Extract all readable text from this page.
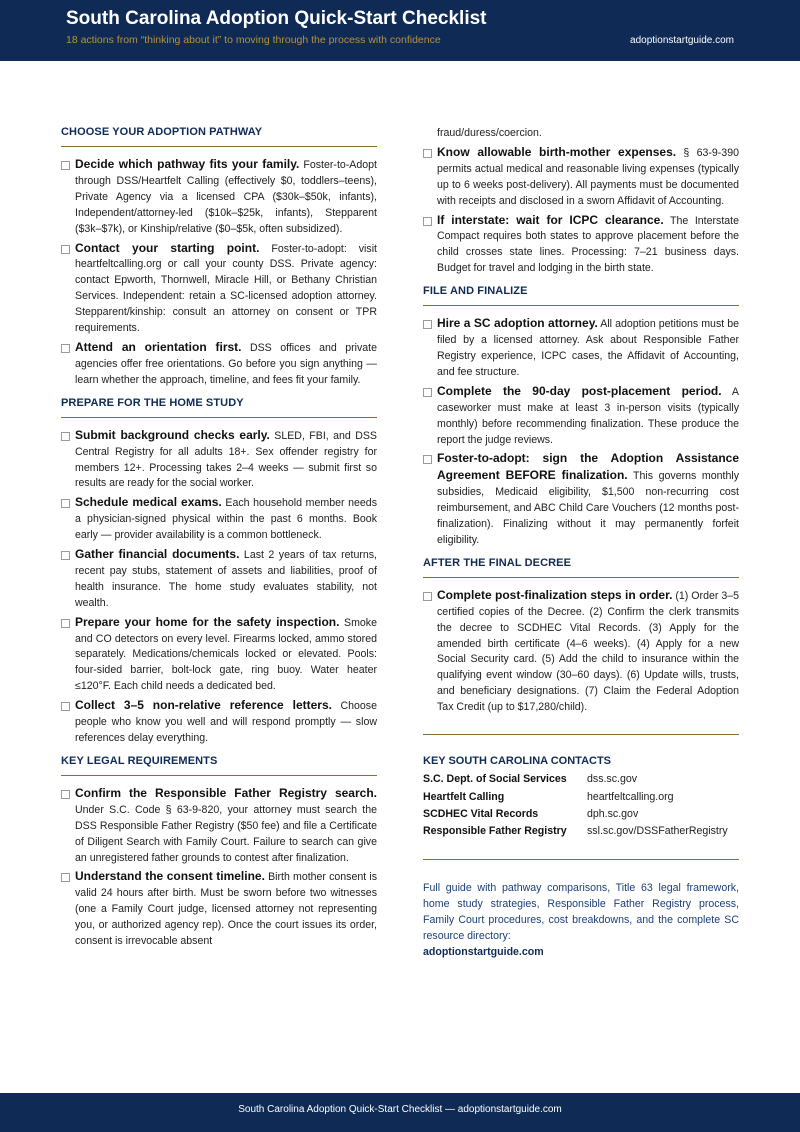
South Carolina Adoption Quick-Start Checklist
18 actions from “thinking about it” to moving through the process with confidence	adoptionstartguide.com
CHOOSE YOUR ADOPTION PATHWAY
Decide which pathway fits your family. Foster-to-Adopt through DSS/Heartfelt Calling (effectively $0, toddlers–teens), Private Agency via a licensed CPA ($30k–$50k, infants), Independent/attorney-led ($10k–$25k, infants), Stepparent ($3k–$7k), or Kinship/relative ($0–$5k, often subsidized).
Contact your starting point. Foster-to-adopt: visit heartfeltcalling.org or call your county DSS. Private agency: contact Epworth, Thornwell, Miracle Hill, or Bethany Christian Services. Independent: retain a SC-licensed adoption attorney. Stepparent/kinship: consult an attorney on consent or TPR requirements.
Attend an orientation first. DSS offices and private agencies offer free orientations. Go before you sign anything — learn whether the approach, timeline, and fees fit your family.
PREPARE FOR THE HOME STUDY
Submit background checks early. SLED, FBI, and DSS Central Registry for all adults 18+. Sex offender registry for members 12+. Processing takes 2–4 weeks — submit first so results are ready for the social worker.
Schedule medical exams. Each household member needs a physician-signed physical within the past 6 months. Book early — provider availability is a common bottleneck.
Gather financial documents. Last 2 years of tax returns, recent pay stubs, statement of assets and liabilities, proof of health insurance. The home study evaluates stability, not wealth.
Prepare your home for the safety inspection. Smoke and CO detectors on every level. Firearms locked, ammo stored separately. Medications/chemicals locked or elevated. Pools: four-sided barrier, bolt-lock gate, ring buoy. Water heater ≤120°F. Each child needs a dedicated bed.
Collect 3–5 non-relative reference letters. Choose people who know you well and will respond promptly — slow references delay everything.
KEY LEGAL REQUIREMENTS
Confirm the Responsible Father Registry search. Under S.C. Code § 63-9-820, your attorney must search the DSS Responsible Father Registry ($50 fee) and file a Certificate of Diligent Search with Family Court. Failure to search can give an unregistered father grounds to contest after finalization.
Understand the consent timeline. Birth mother consent is valid 24 hours after birth. Must be sworn before two witnesses (one a Family Court judge, licensed attorney not representing you, or authorized agency rep). Once the court issues its order, consent is irrevocable absent
fraud/duress/coercion.
Know allowable birth-mother expenses. § 63-9-390 permits actual medical and reasonable living expenses (typically up to 6 weeks post-delivery). All payments must be documented with receipts and disclosed in a sworn Affidavit of Accounting.
If interstate: wait for ICPC clearance. The Interstate Compact requires both states to approve placement before the child crosses state lines. Processing: 7–21 business days. Budget for travel and lodging in the birth state.
FILE AND FINALIZE
Hire a SC adoption attorney. All adoption petitions must be filed by a licensed attorney. Ask about Responsible Father Registry experience, ICPC cases, the Affidavit of Accounting, and fee structure.
Complete the 90-day post-placement period. A caseworker must make at least 3 in-person visits (typically monthly) before recommending finalization. These produce the report the judge reviews.
Foster-to-adopt: sign the Adoption Assistance Agreement BEFORE finalization. This governs monthly subsidies, Medicaid eligibility, $1,500 non-recurring cost reimbursement, and ABC Child Care Vouchers (12 months post-finalization). Finalizing without it may permanently forfeit eligibility.
AFTER THE FINAL DECREE
Complete post-finalization steps in order. (1) Order 3–5 certified copies of the Decree. (2) Confirm the clerk transmits the decree to SCDHEC Vital Records. (3) Apply for the amended birth certificate (4–6 weeks). (4) Apply for a new Social Security card. (5) Add the child to insurance within the qualifying event window (30–60 days). (6) Update wills, trusts, and beneficiary designations. (7) Claim the Federal Adoption Tax Credit (up to $17,280/child).
KEY SOUTH CAROLINA CONTACTS
S.C. Dept. of Social Services	dss.sc.gov
Heartfelt Calling	heartfeltcalling.org
SCDHEC Vital Records	dph.sc.gov
Responsible Father Registry	ssl.sc.gov/DSSFatherRegistry
Full guide with pathway comparisons, Title 63 legal framework, home study strategies, Responsible Father Registry process, Family Court procedures, cost breakdowns, and the complete SC resource directory:
adoptionstartguide.com
South Carolina Adoption Quick-Start Checklist — adoptionstartguide.com
